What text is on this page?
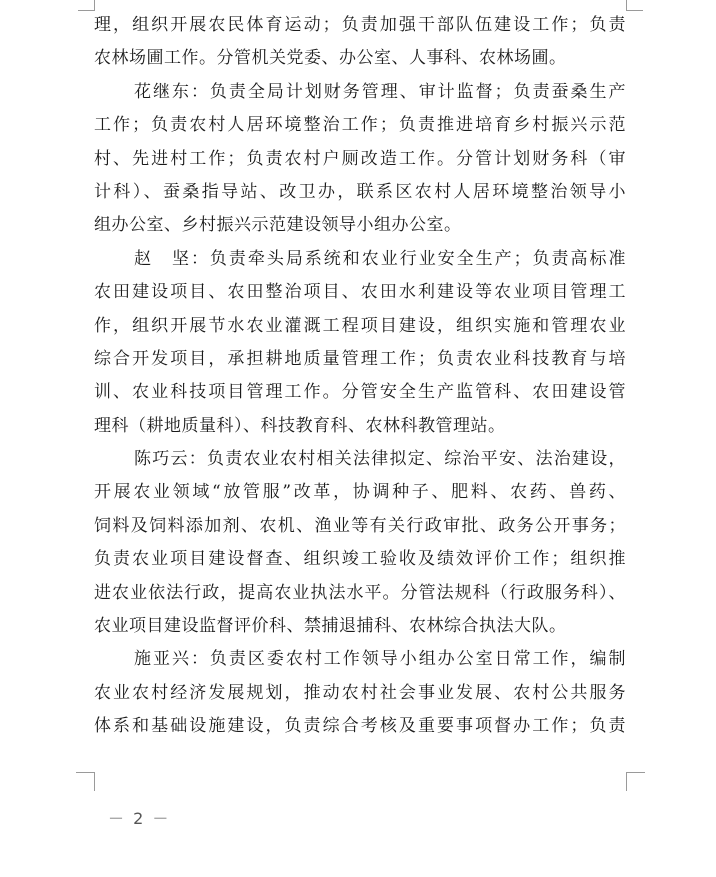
理，组织开展农民体育运动；负责加强干部队伍建设工作；负责
农林场圃工作。分管机关党委、办公室、人事科、农林场圃。
花继东：负责全局计划财务管理、审计监督；负责蚕桑生产
工作；负责农村人居环境整治工作；负责推进培育乡村振兴示范
村、先进村工作；负责农村户厕改造工作。分管计划财务科（审
计科）、蚕桑指导站、改卫办，联系区农村人居环境整治领导小
组办公室、乡村振兴示范建设领导小组办公室。
赵　坚：负责牵头局系统和农业行业安全生产；负责高标准
农田建设项目、农田整治项目、农田水利建设等农业项目管理工
作，组织开展节水农业灌溉工程项目建设，组织实施和管理农业
综合开发项目，承担耕地质量管理工作；负责农业科技教育与培
训、农业科技项目管理工作。分管安全生产监管科、农田建设管
理科（耕地质量科）、科技教育科、农林科教管理站。
陈巧云：负责农业农村相关法律拟定、综治平安、法治建设，
开展农业领域“放管服”改革，协调种子、肥料、农药、兽药、
饲料及饲料添加剂、农机、渔业等有关行政审批、政务公开事务；
负责农业项目建设督查、组织竣工验收及绩效评价工作；组织推
进农业依法行政，提高农业执法水平。分管法规科（行政服务科）、
农业项目建设监督评价科、禁捕退捕科、农林综合执法大队。
施亚兴：负责区委农村工作领导小组办公室日常工作，编制
农业农村经济发展规划，推动农村社会事业发展、农村公共服务
体系和基础设施建设，负责综合考核及重要事项督办工作；负责
－ 2 －
